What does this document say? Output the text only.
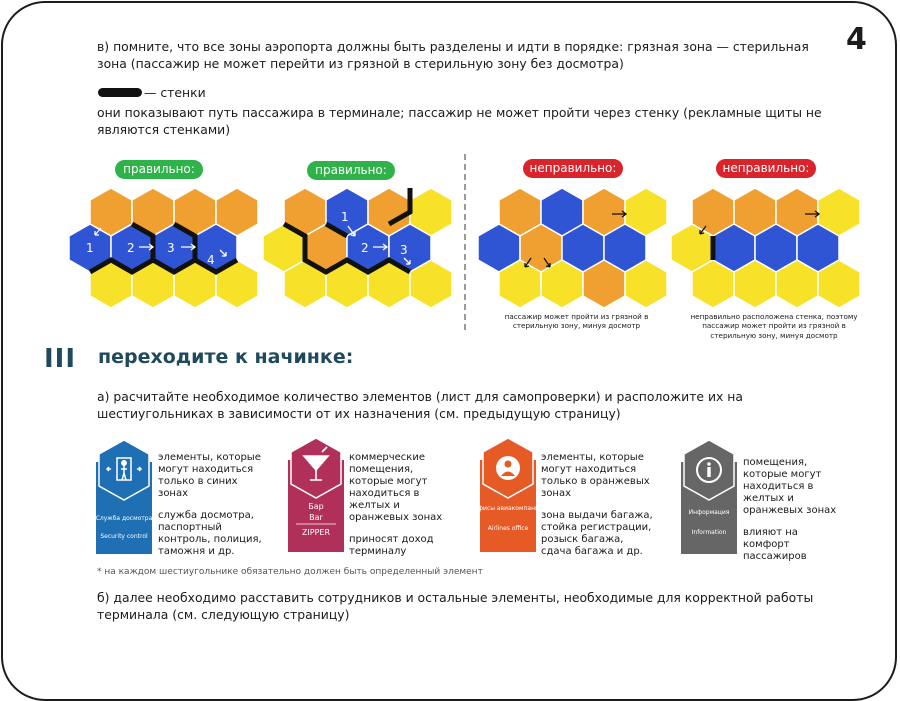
4

в) помните, что все зоны аэропорта должны быть разделены и идти в порядке: грязная зона — стерильная зона (пассажир не может перейти из грязной в стерильную зону без досмотра)

— стенки

они показывают путь пассажира в терминале; пассажир не может пройти через стенку (рекламные щиты не являются стенками)

правильно:	правильно:	неправильно:	неправильно:
1	2	3
4
1
2	3
пассажир может пройти из грязной в стерильную зону, минуя досмотр
неправильно расположена стенка, поэтому пассажир может пройти из грязной в стерильную зону, минуя досмотр
III переходите к начинке:

а) расчитайте необходимое количество элементов (лист для самопроверки) и расположите их на шестиугольниках в зависимости от их назначения (см. предыдущую страницу)

Служба досмотра
Security control

элементы, которые

могут находиться

только в синих

зонах

служба досмотра,

паспортный

контроль, полиция,

таможня и др.

Бар
Bar
ZIPPER

коммерческие

помещения,

которые могут

находиться в

желтых и

оранжевых зонах

приносят доход

терминалу

Офисы авиакомпаний
Airlines office

элементы, которые

могут находиться

только в оранжевых

зонах

зона выдачи багажа,

стойка регистрации,

розыск багажа,

сдача багажа и др.

Информация
Information

помещения,

которые могут

находиться в

желтых и

оранжевых зонах

влияют на

комфорт

пассажиров

* на каждом шестиугольнике обязательно должен быть определенный элемент

б) далее необходимо расставить сотрудников и остальные элементы, необходимые для корректной работы терминала (см. следующую страницу)
